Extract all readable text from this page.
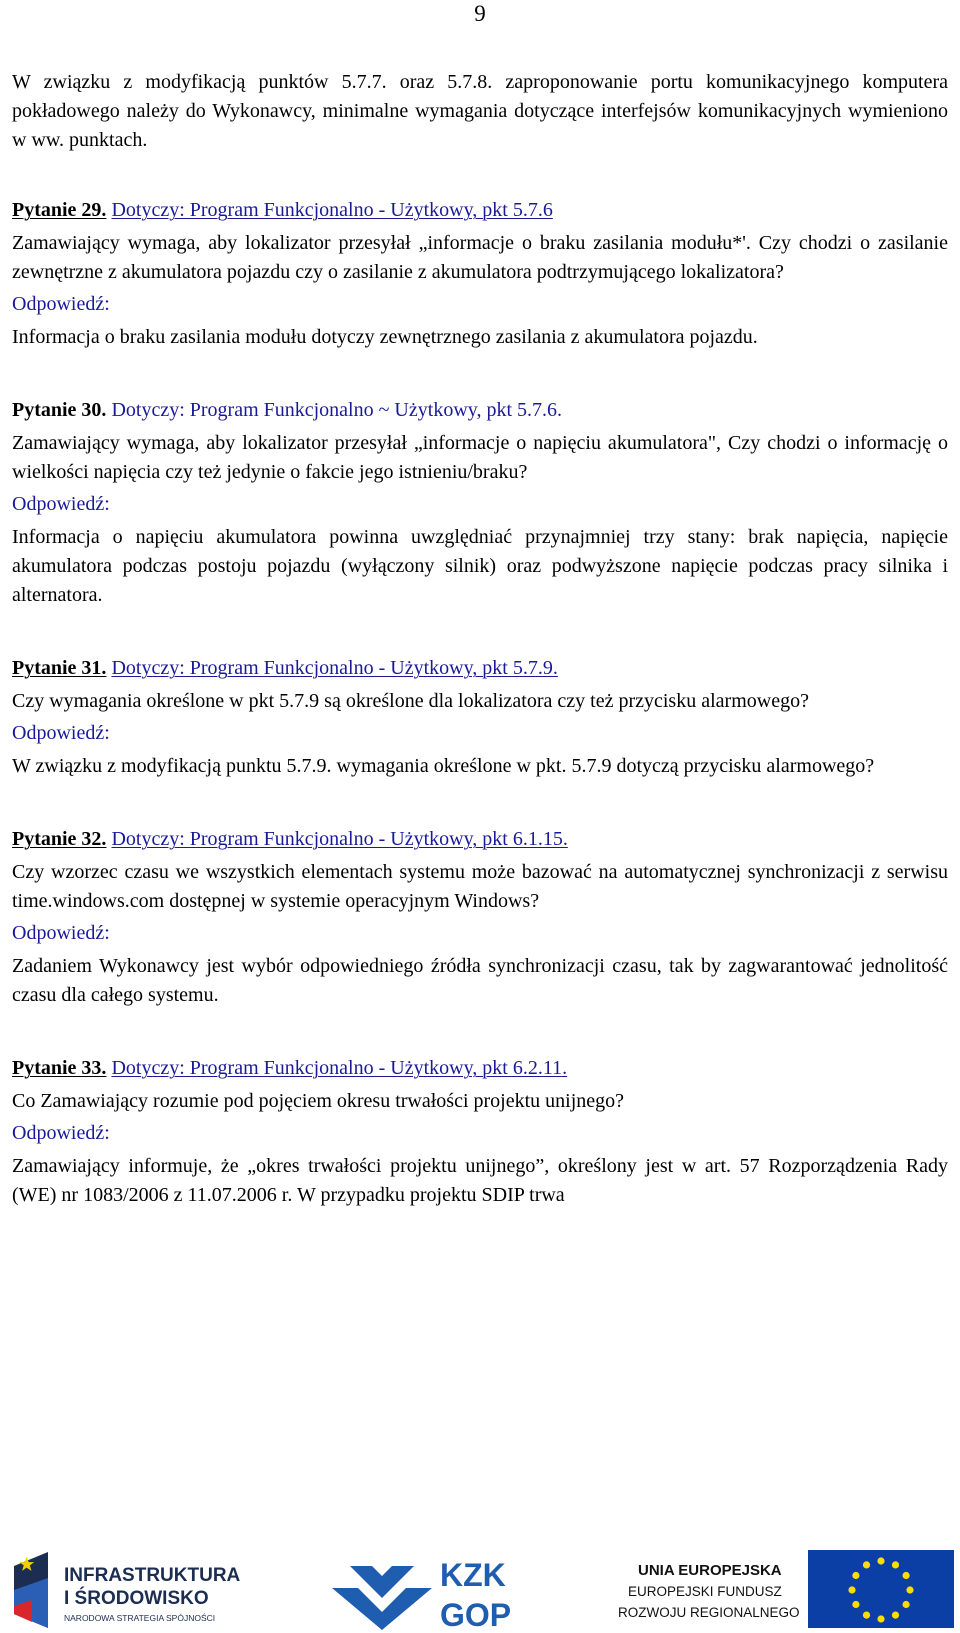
9

W związku z modyfikacją punktów 5.7.7. oraz 5.7.8. zaproponowanie portu komunikacyjnego komputera pokładowego należy do Wykonawcy, minimalne wymagania dotyczące interfejsów komunikacyjnych wymieniono w ww. punktach.

Pytanie 29. Dotyczy: Program Funkcjonalno - Użytkowy, pkt 5.7.6

Zamawiający wymaga, aby lokalizator przesyłał „informacje o braku zasilania modułu*'. Czy chodzi o zasilanie zewnętrzne z akumulatora pojazdu czy o zasilanie z akumulatora podtrzymującego lokalizatora?

Odpowiedź:

Informacja o braku zasilania modułu dotyczy zewnętrznego zasilania z akumulatora pojazdu.

Pytanie 30. Dotyczy: Program Funkcjonalno ~ Użytkowy, pkt 5.7.6.

Zamawiający wymaga, aby lokalizator przesyłał „informacje o napięciu akumulatora", Czy chodzi o informację o wielkości napięcia czy też jedynie o fakcie jego istnieniu/braku?

Odpowiedź:

Informacja o napięciu akumulatora powinna uwzględniać przynajmniej trzy stany: brak napięcia, napięcie akumulatora podczas postoju pojazdu (wyłączony silnik) oraz podwyższone napięcie podczas pracy silnika i alternatora.

Pytanie 31. Dotyczy: Program Funkcjonalno - Użytkowy, pkt 5.7.9.

Czy wymagania określone w pkt 5.7.9 są określone dla lokalizatora czy też przycisku alarmowego?

Odpowiedź:

W związku z modyfikacją punktu 5.7.9. wymagania określone w pkt. 5.7.9 dotyczą przycisku alarmowego?

Pytanie 32. Dotyczy: Program Funkcjonalno - Użytkowy, pkt 6.1.15.

Czy wzorzec czasu we wszystkich elementach systemu może bazować na automatycznej synchronizacji z serwisu time.windows.com dostępnej w systemie operacyjnym Windows?

Odpowiedź:

Zadaniem Wykonawcy jest wybór odpowiedniego źródła synchronizacji czasu, tak by zagwarantować jednolitość czasu dla całego systemu.

Pytanie 33. Dotyczy: Program Funkcjonalno - Użytkowy, pkt 6.2.11.

Co Zamawiający rozumie pod pojęciem okresu trwałości projektu unijnego?

Odpowiedź:

Zamawiający informuje, że „okres trwałości projektu unijnego”, określony jest w art. 57 Rozporządzenia Rady (WE) nr 1083/2006 z 11.07.2006 r. W przypadku projektu SDIP trwa

INFRASTRUKTURA
I ŚRODOWISKO
NARODOWA STRATEGIA SPÓJNOŚCI
KZK
GOP
UNIA EUROPEJSKA
EUROPEJSKI FUNDUSZ
ROZWOJU REGIONALNEGO
